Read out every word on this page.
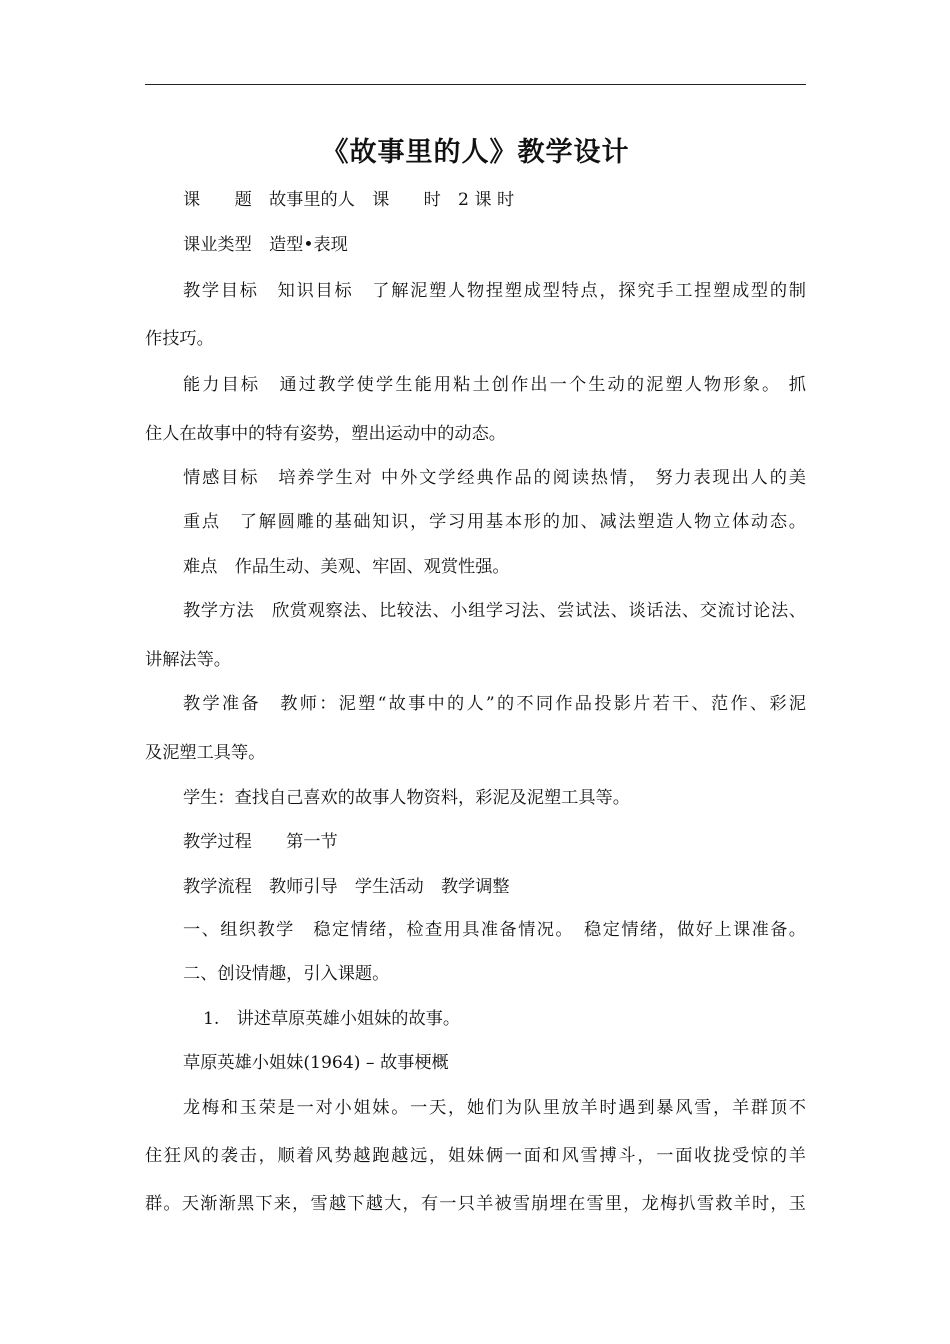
《故事里的人》教学设计
课　　题　故事里的人　课　　时　2 课 时
课业类型　造型•表现
教学目标　知识目标　了解泥塑人物捏塑成型特点，探究手工捏塑成型的制
作技巧。
能力目标　通过教学使学生能用粘土创作出一个生动的泥塑人物形象。 抓
住人在故事中的特有姿势，塑出运动中的动态。
情感目标　培养学生对 中外文学经典作品的阅读热情， 努力表现出人的美
重点　了解圆雕的基础知识，学习用基本形的加、减法塑造人物立体动态。
难点　作品生动、美观、牢固、观赏性强。
教学方法　欣赏观察法、比较法、小组学习法、尝试法、谈话法、交流讨论法、
讲解法等。
教学准备　教师：泥塑“故事中的人”的不同作品投影片若干、范作、彩泥
及泥塑工具等。
学生：查找自己喜欢的故事人物资料，彩泥及泥塑工具等。
教学过程　　第一节
教学流程　教师引导　学生活动　教学调整
一、组织教学　稳定情绪，检查用具准备情况。　稳定情绪，做好上课准备。
二、创设情趣，引入课题。
1.　讲述草原英雄小姐妹的故事。
草原英雄小姐妹(1964) – 故事梗概
龙梅和玉荣是一对小姐妹。一天，她们为队里放羊时遇到暴风雪，羊群顶不
住狂风的袭击，顺着风势越跑越远，姐妹俩一面和风雪搏斗，一面收拢受惊的羊
群。天渐渐黑下来，雪越下越大，有一只羊被雪崩埋在雪里，龙梅扒雪救羊时，玉
